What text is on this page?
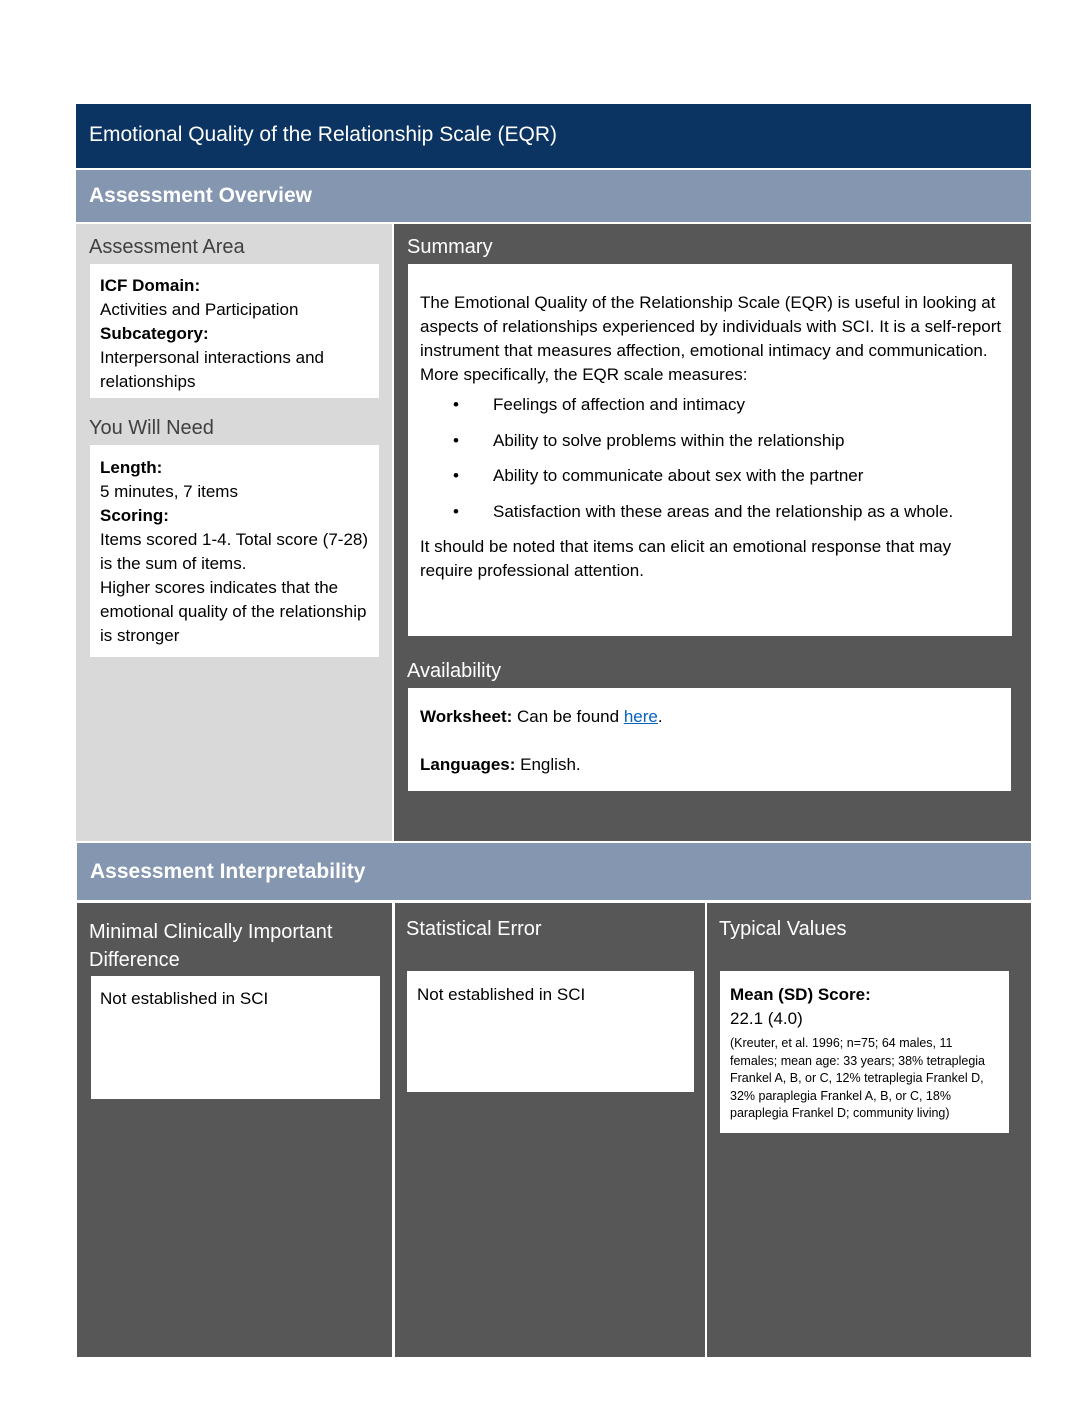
Emotional Quality of the Relationship Scale (EQR)
Assessment Overview
Assessment Area
ICF Domain:
Activities and Participation
Subcategory:
Interpersonal interactions and relationships
You Will Need
Length:
5 minutes, 7 items
Scoring:
Items scored 1-4. Total score (7-28) is the sum of items.
Higher scores indicates that the emotional quality of the relationship is stronger
Summary
The Emotional Quality of the Relationship Scale (EQR) is useful in looking at aspects of relationships experienced by individuals with SCI. It is a self-report instrument that measures affection, emotional intimacy and communication.
More specifically, the EQR scale measures:
• Feelings of affection and intimacy
• Ability to solve problems within the relationship
• Ability to communicate about sex with the partner
• Satisfaction with these areas and the relationship as a whole.
It should be noted that items can elicit an emotional response that may require professional attention.
Availability
Worksheet: Can be found here.
Languages: English.
Assessment Interpretability
Minimal Clinically Important Difference
Not established in SCI
Statistical Error
Not established in SCI
Typical Values
Mean (SD) Score:
22.1 (4.0)
(Kreuter, et al. 1996; n=75; 64 males, 11 females; mean age: 33 years; 38% tetraplegia Frankel A, B, or C, 12% tetraplegia Frankel D, 32% paraplegia Frankel A, B, or C, 18% paraplegia Frankel D; community living)
